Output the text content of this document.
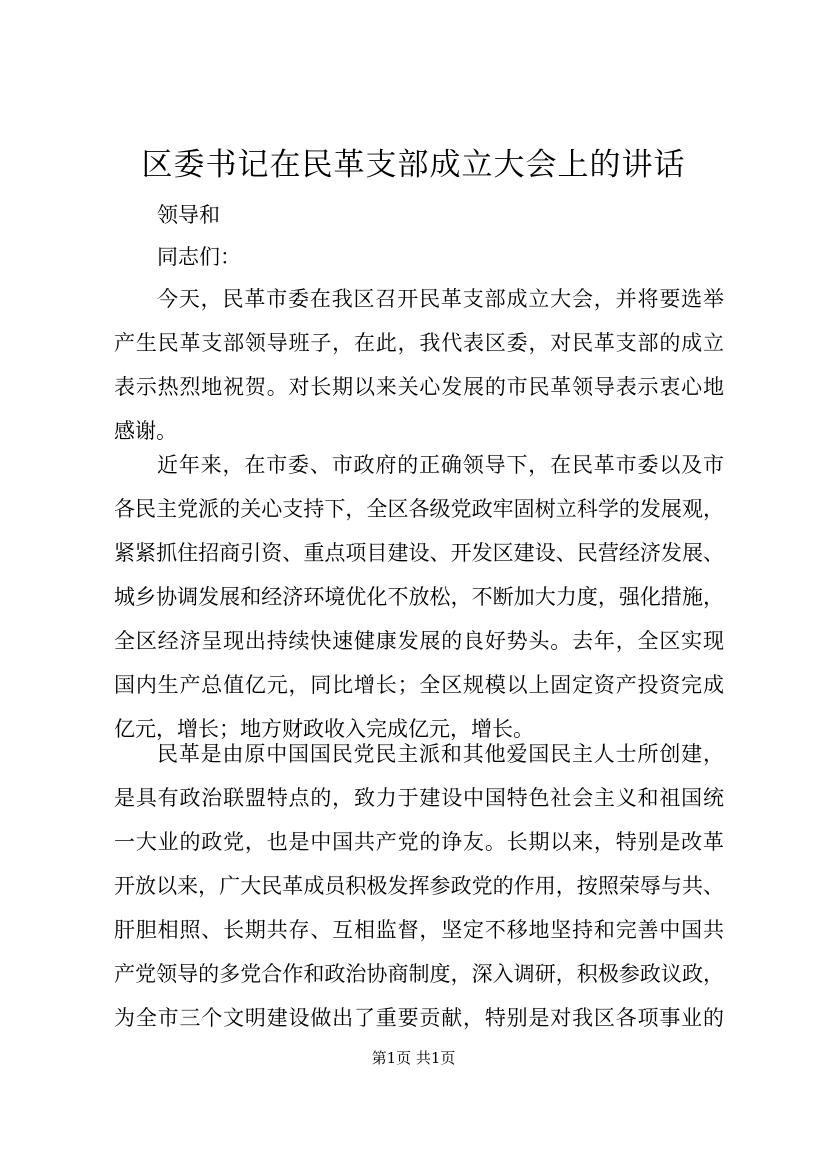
区委书记在民革支部成立大会上的讲话
领导和
同志们：
今天，民革市委在我区召开民革支部成立大会，并将要选举
产生民革支部领导班子，在此，我代表区委，对民革支部的成立
表示热烈地祝贺。对长期以来关心发展的市民革领导表示衷心地
感谢。
近年来，在市委、市政府的正确领导下，在民革市委以及市
各民主党派的关心支持下，全区各级党政牢固树立科学的发展观，
紧紧抓住招商引资、重点项目建设、开发区建设、民营经济发展、
城乡协调发展和经济环境优化不放松，不断加大力度，强化措施，
全区经济呈现出持续快速健康发展的良好势头。去年，全区实现
国内生产总值亿元，同比增长；全区规模以上固定资产投资完成
亿元，增长；地方财政收入完成亿元，增长。
民革是由原中国国民党民主派和其他爱国民主人士所创建，
是具有政治联盟特点的，致力于建设中国特色社会主义和祖国统
一大业的政党，也是中国共产党的诤友。长期以来，特别是改革
开放以来，广大民革成员积极发挥参政党的作用，按照荣辱与共、
肝胆相照、长期共存、互相监督，坚定不移地坚持和完善中国共
产党领导的多党合作和政治协商制度，深入调研，积极参政议政，
为全市三个文明建设做出了重要贡献，特别是对我区各项事业的
第1页 共1页
